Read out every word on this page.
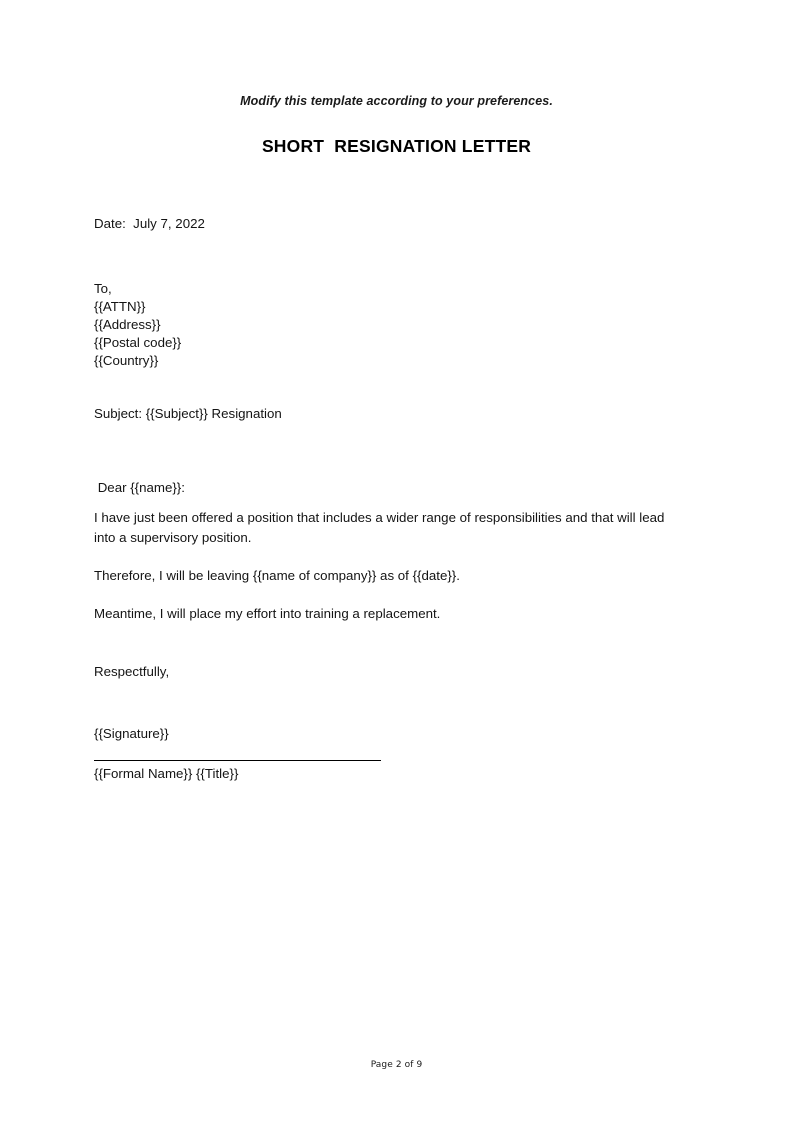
Modify this template according to your preferences.
SHORT  RESIGNATION LETTER
Date:  July 7, 2022

To,

{{ATTN}}

{{Address}}

{{Postal code}}

{{Country}}

Subject: {{Subject}} Resignation
Dear {{name}}:

I have just been offered a position that includes a wider range of responsibilities and that will lead into a supervisory position.

Therefore, I will be leaving {{name of company}} as of {{date}}.

Meantime, I will place my effort into training a replacement.

Respectfully,
{{Signature}}
{{Formal Name}} {{Title}}
Page 2 of 9
